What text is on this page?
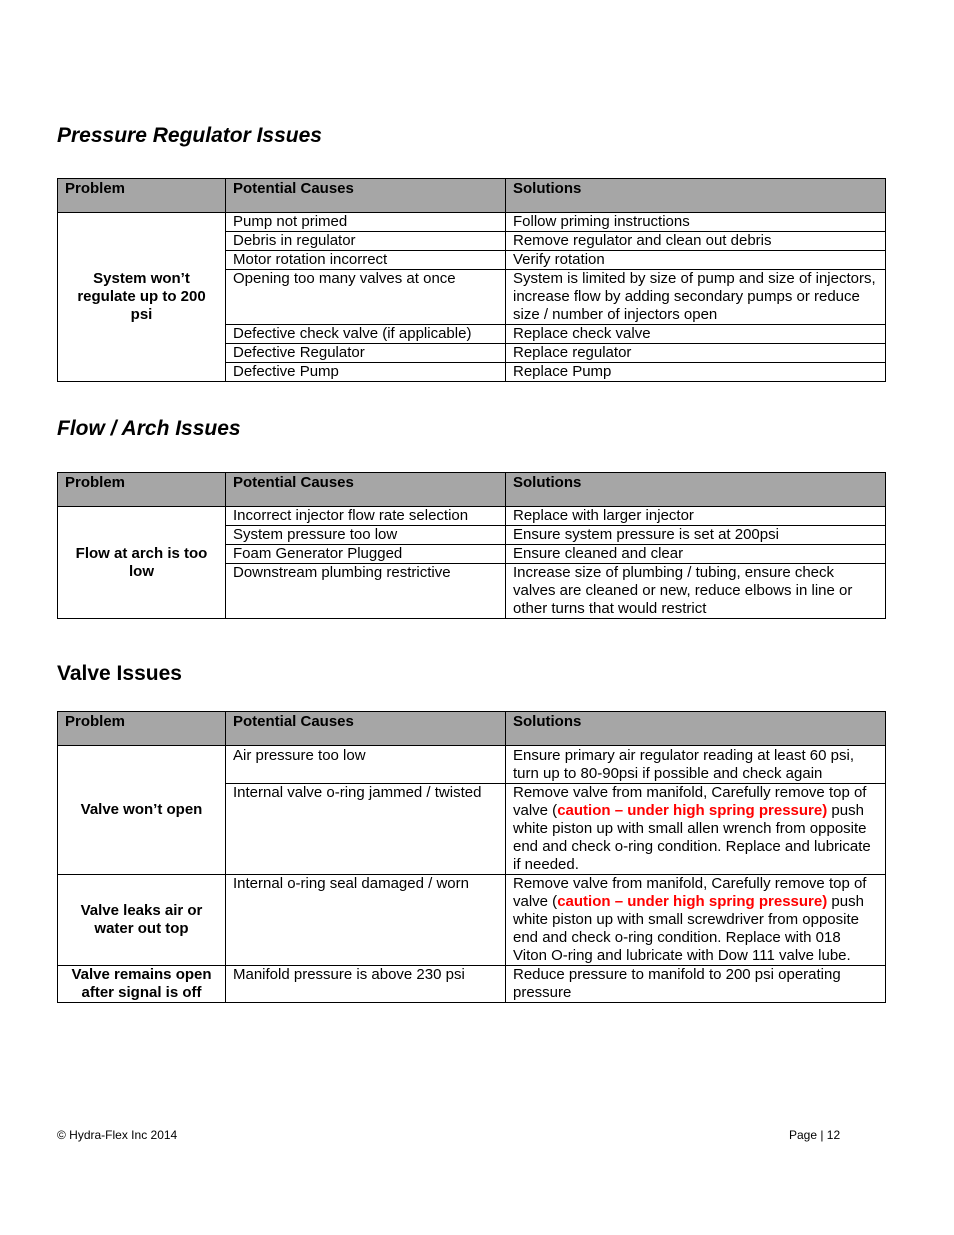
Pressure Regulator Issues
Problem	Potential Causes	Solutions
System won’t regulate up to 200 psi	Pump not primed	Follow priming instructions
	Debris in regulator	Remove regulator and clean out debris
	Motor rotation incorrect	Verify rotation
	Opening too many valves at once	System is limited by size of pump and size of injectors, increase flow by adding secondary pumps or reduce size / number of injectors open
	Defective check valve (if applicable)	Replace check valve
	Defective Regulator	Replace regulator
	Defective Pump	Replace Pump
Flow / Arch Issues
Problem	Potential Causes	Solutions
Flow at arch is too low	Incorrect injector flow rate selection	Replace with larger injector
	System pressure too low	Ensure system pressure is set at 200psi
	Foam Generator Plugged	Ensure cleaned and clear
	Downstream plumbing restrictive	Increase size of plumbing / tubing, ensure check valves are cleaned or new, reduce elbows in line or other turns that would restrict
Valve Issues
Problem	Potential Causes	Solutions
Valve won’t open	Air pressure too low	Ensure primary air regulator reading at least 60 psi, turn up to 80-90psi if possible and check again
	Internal valve o-ring jammed / twisted	Remove valve from manifold, Carefully remove top of valve (caution – under high spring pressure) push white piston up with small allen wrench from opposite end and check o-ring condition. Replace and lubricate if needed.
Valve leaks air or water out top	Internal o-ring seal damaged / worn	Remove valve from manifold, Carefully remove top of valve (caution – under high spring pressure) push white piston up with small screwdriver from opposite end and check o-ring condition. Replace with 018 Viton O-ring and lubricate with Dow 111 valve lube.
Valve remains open after signal is off	Manifold pressure is above 230 psi	Reduce pressure to manifold to 200 psi operating pressure
© Hydra-Flex Inc 2014	Page | 12
